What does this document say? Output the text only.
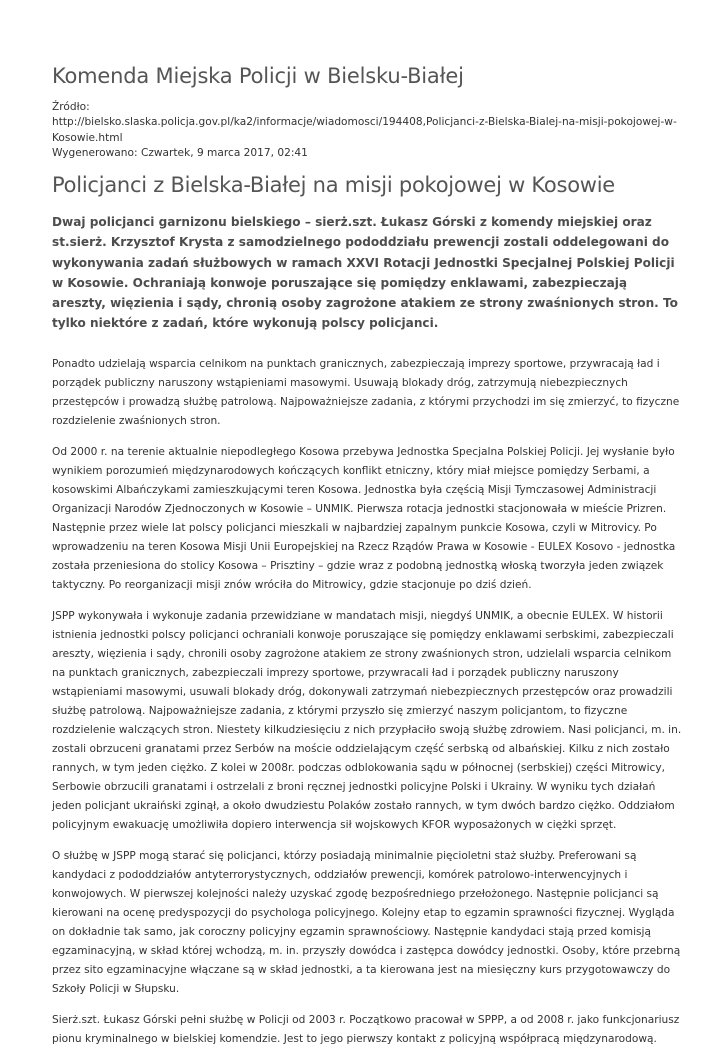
Komenda Miejska Policji w Bielsku-Białej
Źródło:
http://bielsko.slaska.policja.gov.pl/ka2/informacje/wiadomosci/194408,Policjanci-z-Bielska-Bialej-na-misji-pokojowej-w-Kosowie.html
Wygenerowano: Czwartek, 9 marca 2017, 02:41
Policjanci z Bielska-Białej na misji pokojowej w Kosowie

Dwaj policjanci garnizonu bielskiego – sierż.szt. Łukasz Górski z komendy miejskiej oraz st.sierż. Krzysztof Krysta z samodzielnego pododdziału prewencji zostali oddelegowani do wykonywania zadań służbowych w ramach XXVI Rotacji Jednostki Specjalnej Polskiej Policji w Kosowie. Ochraniają konwoje poruszające się pomiędzy enklawami, zabezpieczają areszty, więzienia i sądy, chronią osoby zagrożone atakiem ze strony zwaśnionych stron. To tylko niektóre z zadań, które wykonują polscy policjanci.

Ponadto udzielają wsparcia celnikom na punktach granicznych, zabezpieczają imprezy sportowe, przywracają ład i porządek publiczny naruszony wstąpieniami masowymi. Usuwają blokady dróg, zatrzymują niebezpiecznych przestępców i prowadzą służbę patrolową. Najpoważniejsze zadania, z którymi przychodzi im się zmierzyć, to fizyczne rozdzielenie zwaśnionych stron.

Od 2000 r. na terenie aktualnie niepodległego Kosowa przebywa Jednostka Specjalna Polskiej Policji. Jej wysłanie było wynikiem porozumień międzynarodowych kończących konflikt etniczny, który miał miejsce pomiędzy Serbami, a kosowskimi Albańczykami zamieszkującymi teren Kosowa. Jednostka była częścią Misji Tymczasowej Administracji Organizacji Narodów Zjednoczonych w Kosowie – UNMIK. Pierwsza rotacja jednostki stacjonowała w mieście Prizren. Następnie przez wiele lat polscy policjanci mieszkali w najbardziej zapalnym punkcie Kosowa, czyli w Mitrovicy. Po wprowadzeniu na teren Kosowa Misji Unii Europejskiej na Rzecz Rządów Prawa w Kosowie - EULEX Kosovo - jednostka została przeniesiona do stolicy Kosowa – Prisztiny – gdzie wraz z podobną jednostką włoską tworzyła jeden związek taktyczny. Po reorganizacji misji znów wróciła do Mitrowicy, gdzie stacjonuje po dziś dzień.

JSPP wykonywała i wykonuje zadania przewidziane w mandatach misji, niegdyś UNMIK, a obecnie EULEX. W historii istnienia jednostki polscy policjanci ochraniali konwoje poruszające się pomiędzy enklawami serbskimi, zabezpieczali areszty, więzienia i sądy, chronili osoby zagrożone atakiem ze strony zwaśnionych stron, udzielali wsparcia celnikom na punktach granicznych, zabezpieczali imprezy sportowe, przywracali ład i porządek publiczny naruszony wstąpieniami masowymi, usuwali blokady dróg, dokonywali zatrzymań niebezpiecznych przestępców oraz prowadzili służbę patrolową. Najpoważniejsze zadania, z którymi przyszło się zmierzyć naszym policjantom, to fizyczne rozdzielenie walczących stron. Niestety kilkudziesięciu z nich przypłaciło swoją służbę zdrowiem. Nasi policjanci, m. in. zostali obrzuceni granatami przez Serbów na moście oddzielającym część serbską od albańskiej. Kilku z nich zostało rannych, w tym jeden ciężko. Z kolei w 2008r. podczas odblokowania sądu w północnej (serbskiej) części Mitrowicy, Serbowie obrzucili granatami i ostrzelali z broni ręcznej jednostki policyjne Polski i Ukrainy. W wyniku tych działań jeden policjant ukraiński zginął, a około dwudziestu Polaków zostało rannych, w tym dwóch bardzo ciężko. Oddziałom policyjnym ewakuację umożliwiła dopiero interwencja sił wojskowych KFOR wyposażonych w ciężki sprzęt.

O służbę w JSPP mogą starać się policjanci, którzy posiadają minimalnie pięcioletni staż służby. Preferowani są kandydaci z pododdziałów antyterrorystycznych, oddziałów prewencji, komórek patrolowo-interwencyjnych i konwojowych. W pierwszej kolejności należy uzyskać zgodę bezpośredniego przełożonego. Następnie policjanci są kierowani na ocenę predyspozycji do psychologa policyjnego. Kolejny etap to egzamin sprawności fizycznej. Wygląda on dokładnie tak samo, jak coroczny policyjny egzamin sprawnościowy. Następnie kandydaci stają przed komisją egzaminacyjną, w skład której wchodzą, m. in. przyszły dowódca i zastępca dowódcy jednostki. Osoby, które przebrną przez sito egzaminacyjne włączane są w skład jednostki, a ta kierowana jest na miesięczny kurs przygotowawczy do Szkoły Policji w Słupsku.

Sierż.szt. Łukasz Górski pełni służbę w Policji od 2003 r. Początkowo pracował w SPPP, a od 2008 r. jako funkcjonariusz pionu kryminalnego w bielskiej komendzie. Jest to jego pierwszy kontakt z policyjną współpracą międzynarodową.
